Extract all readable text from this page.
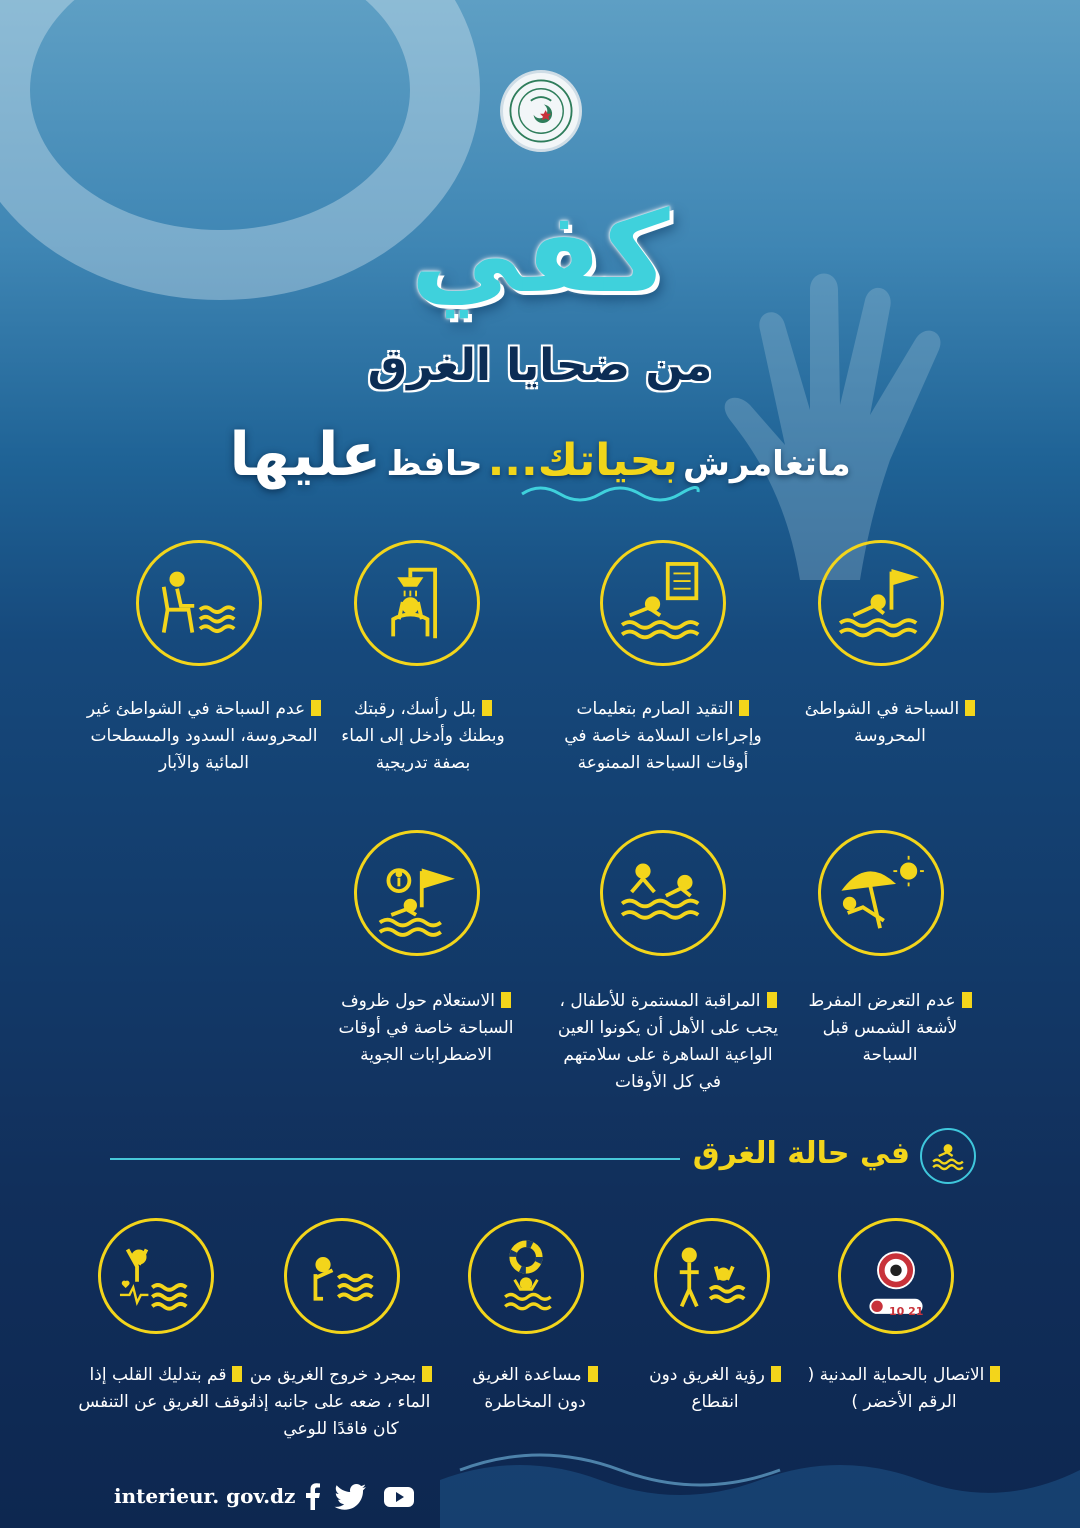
كفي
من ضحايا الغرق
ماتغامرش بحياتك... حافظ عليها
السباحة في الشواطئ المحروسة
التقيد الصارم بتعليمات وإجراءات السلامة خاصة في أوقات السباحة الممنوعة
بلل رأسك، رقبتك وبطنك وأدخل إلى الماء بصفة تدريجية
عدم السباحة في الشواطئ غير المحروسة، السدود والمسطحات المائية والآبار
عدم التعرض المفرط لأشعة الشمس قبل السباحة
المراقبة المستمرة للأطفال ، يجب على الأهل أن يكونوا العين الواعية الساهرة على سلامتهم في كل الأوقات
الاستعلام حول ظروف السباحة خاصة في أوقات الاضطرابات الجوية
في حالة الغرق
10 21
الاتصال بالحماية المدنية ( الرقم الأخضر )
رؤية الغريق دون انقطاع
مساعدة الغريق دون المخاطرة
بمجرد خروج الغريق من الماء ، ضعه على جانبه إذا كان فاقدًا للوعي
قم بتدليك القلب إذا توقف الغريق عن التنفس
interieur. gov.dz
